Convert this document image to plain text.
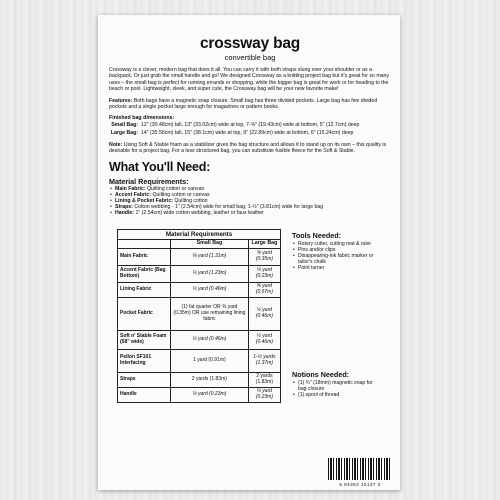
crossway bag
convertible bag

Crossway is a clever, modern bag that does it all. You can carry it with both straps slung over your shoulder or as a backpack. Or just grab the small handle and go! We designed Crossway as a knitting project bag but it's great for so many uses – the small bag is perfect for running errands or shopping, while the bigger bag is great for work or for heading to the beach or pool. Lightweight, sleek, and super cute, the Crossway bag will be your new favorite make!

Features: Both bags have a magnetic snap closure. Small bag has three divided pockets. Large bag has five divided pockets and a single pocket large enough for magazines or pattern books.

Finished bag dimensions:
Small Bag: 12" (30.48cm) tall, 13" (33.02cm) wide at top, 7-⅝" (19.43cm) wide at bottom, 5" (12.7cm) deep
Large Bag: 14" (35.56cm) tall, 15" (38.1cm) wide at top, 9" (22.89cm) wide at bottom, 6" (15.24cm) deep

Note: Using Soft & Stable foam as a stabilizer gives the bag structure and allows it to stand up on its own – this quality is desirable for a project bag. For a less structured bag, you can substitute fusible fleece for the Soft & Stable.

What You'll Need:
Material Requirements:
• Main Fabric: Quilting cotton or canvas
• Accent Fabric: Quilting cotton or canvas
• Lining & Pocket Fabric: Quilting cotton
• Straps: Cotton webbing - 1" (2.54cm) wide for small bag, 1-½" (3.81cm) wide for large bag
• Handle: 1" (2.54cm) wide cotton webbing, leather or faux leather
Material Requirements		
	Small Bag	Large Bag
Main Fabric	⅜ yard (1.31m)	⅜ yard (0.35m)
Accent Fabric (Bag Bottom)	¼ yard (1.23m)	¼ yard (0.23m)
Lining Fabric	½ yard (0.46m)	⅝ yard (0.57m)
Pocket Fabric	(1) fat quarter OR ⅜ yard (0.35m) OR use remaining lining fabric	½ yard (0.46m)
Soft n' Stable Foam (58" wide)	½ yard (0.46m)	½ yard (0.46m)
Pellon SF101 Interfacing	1 yard (0.91m)	1-½ yards (1.37m)
Straps	2 yards (1.83m)	2 yards (1.83m)
Handle	¼ yard (0.23m)	¼ yard (0.23m)
Tools Needed:
• Rotary cutter, cutting mat & ruler
• Pins and/or clips
• Disappearing-ink fabric marker or tailor's chalk
• Point turner
Notions Needed:
• (1) ¾" (18mm) magnetic snap for bag closure
• (1) spool of thread
6 94363 10137 3
